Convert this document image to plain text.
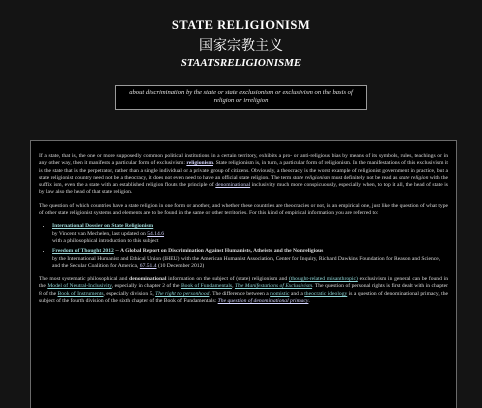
STATE RELIGIONISM
国家宗教主义
STAATSRELIGIONISME
about discrimination by the state or state exclusionism or exclusivism on the basis of religion or irreligion

If a state, that is, the one or more supposedly common political institutions in a certain territory, exhibits a pro- or anti-religious bias by means of its symbols, rules, teachings or in any other way, then it manifests a particular form of exclusivism: religionism. State religionism is, in turn, a particular form of religionism. In the manifestations of this exclusivism it is the state that is the perpetrator, rather than a single individual or a private group of citizens. Obviously, a theocracy is the worst example of religionist government in practice, but a state religionist country need not be a theocracy, it does not even need to have an official state religion. The term state religionism must definitely not be read as state religion with the suffix ism, even the a state with an established religion flouts the principle of denominational inclusivity much more conspicuously, especially when, to top it all, the head of state is by law also the head of that state religion.

The question of which countries have a state religion in one form or another, and whether these countries are theocracies or not, is an empirical one, just like the question of what type of other state religionist systems and elements are to be found in the same or other territories. For this kind of empirical information you are referred to:

• International Dossier on State Religionism
by Vincent van Mechelen, last updated on 54.14.6
with a philosophical introduction to this subject
• Freedom of Thought 2012 -- A Global Report on Discrimination Against Humanists, Atheists and the Nonreligious
by the International Humanist and Ethical Union (IHEU) with the American Humanist Association, Center for Inquiry, Richard Dawkins Foundation for Reason and Science, and the Secular Coalition for America, 67.51.4 (10 December 2012)

The most systematic philosophical and denominational information on the subject of (state) religionism and (thought-related misanthropic) exclusivism in general can be found in the Model of Neutral-Inclusivity, especially in chapter 2 of the Book of Fundamentals, The Manifestations of Exclusivism. The question of personal rights is first dealt with in chapter 8 of the Book of Instruments, especially division 5, The right to personhood. The difference between a nomistic and a theocratic ideology is a question of denominational primacy, the subject of the fourth division of the sixth chapter of the Book of Fundamentals: The question of denominational primacy.
